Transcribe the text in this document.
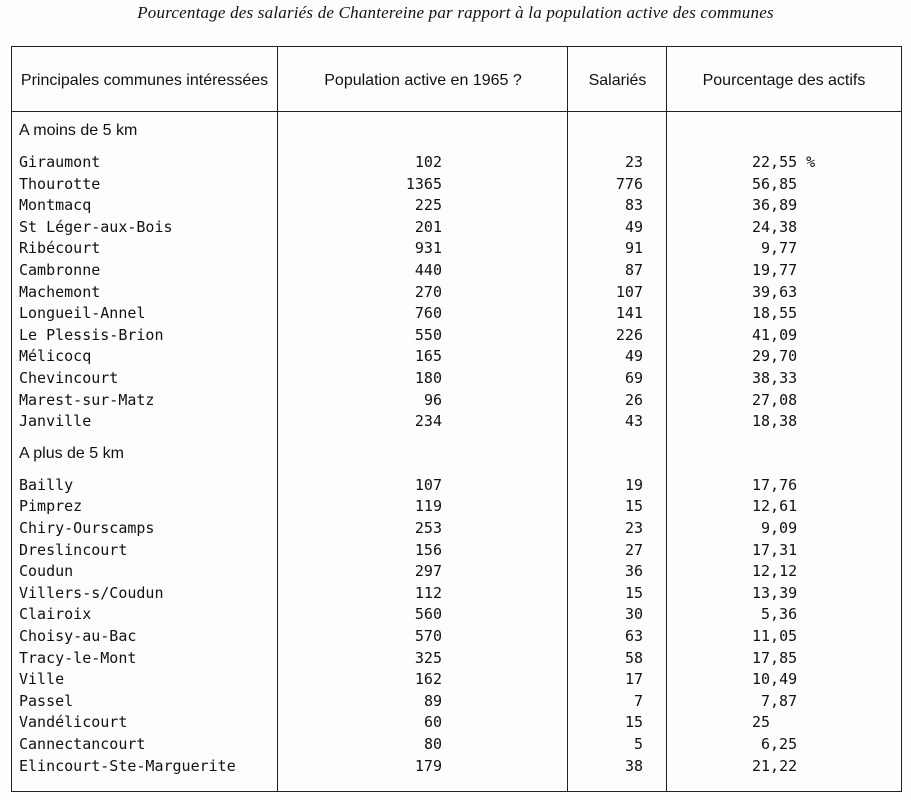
Pourcentage des salariés de Chantereine par rapport à la population active des communes
Principales communes intéressées	Population active en 1965 ?	Salariés	Pourcentage des actifs
A moins de 5 km
Giraumont	102	23	22,55 %
Thourotte	1365	776	56,85
Montmacq	225	83	36,89
St Léger-aux-Bois	201	49	24,38
Ribécourt	931	91	9,77
Cambronne	440	87	19,77
Machemont	270	107	39,63
Longueil-Annel	760	141	18,55
Le Plessis-Brion	550	226	41,09
Mélicocq	165	49	29,70
Chevincourt	180	69	38,33
Marest-sur-Matz	96	26	27,08
Janville	234	43	18,38
A plus de 5 km
Bailly	107	19	17,76
Pimprez	119	15	12,61
Chiry-Ourscamps	253	23	9,09
Dreslincourt	156	27	17,31
Coudun	297	36	12,12
Villers-s/Coudun	112	15	13,39
Clairoix	560	30	5,36
Choisy-au-Bac	570	63	11,05
Tracy-le-Mont	325	58	17,85
Ville	162	17	10,49
Passel	89	7	7,87
Vandélicourt	60	15	25
Cannectancourt	80	5	6,25
Elincourt-Ste-Marguerite	179	38	21,22
